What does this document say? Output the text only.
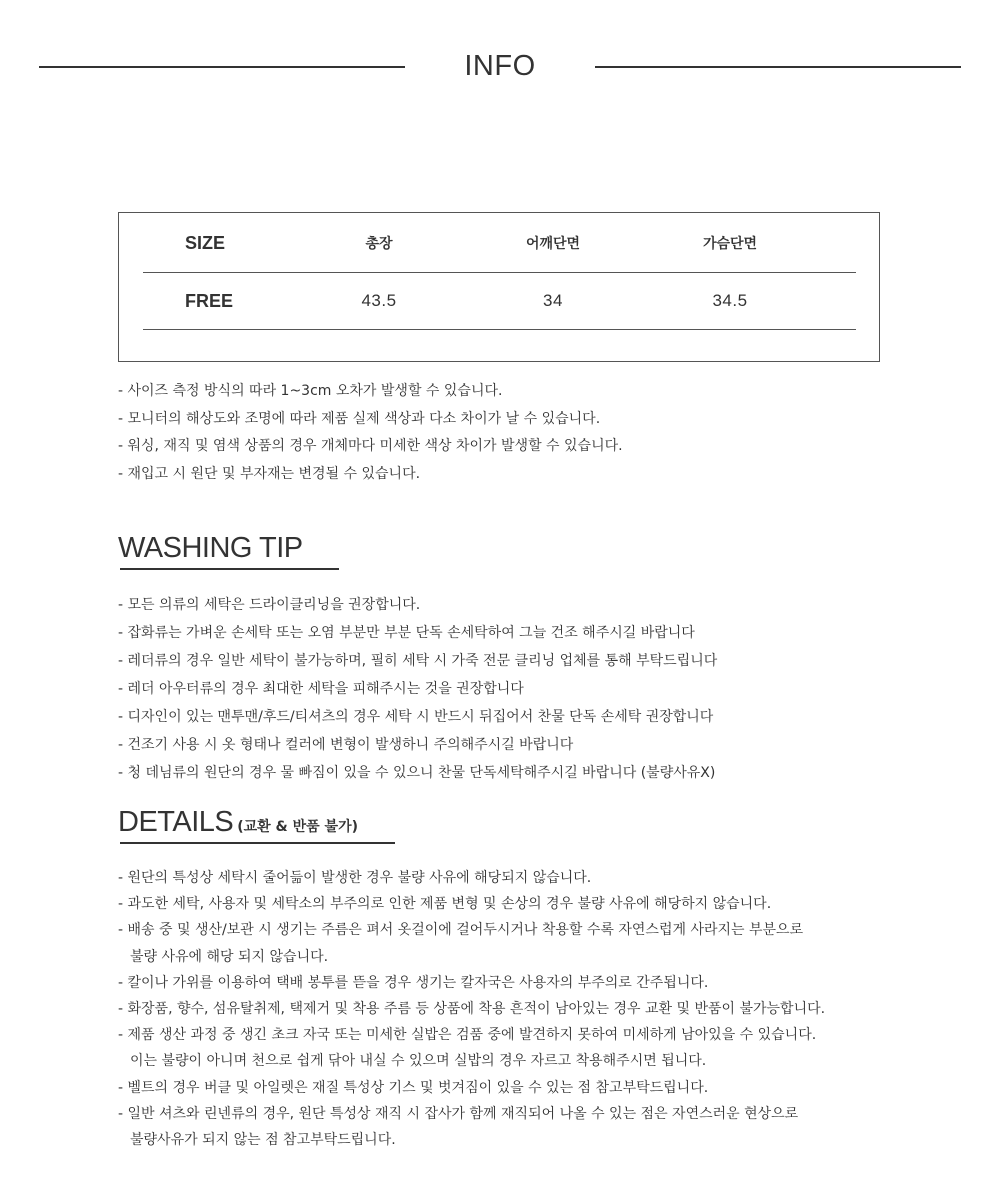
INFO
SIZE	총장	어깨단면	가슴단면
FREE	43.5	34	34.5
- 사이즈 측정 방식의 따라 1~3cm 오차가 발생할 수 있습니다.
- 모니터의 해상도와 조명에 따라 제품 실제 색상과 다소 차이가 날 수 있습니다.
- 워싱, 재직 및 염색 상품의 경우 개체마다 미세한 색상 차이가 발생할 수 있습니다.
- 재입고 시 원단 및 부자재는 변경될 수 있습니다.
WASHING TIP
- 모든 의류의 세탁은 드라이클리닝을 권장합니다.
- 잡화류는 가벼운 손세탁 또는 오염 부분만 부분 단독 손세탁하여 그늘 건조 해주시길 바랍니다
- 레더류의 경우 일반 세탁이 불가능하며, 필히 세탁 시 가죽 전문 클리닝 업체를 통해 부탁드립니다
- 레더 아우터류의 경우 최대한 세탁을 피해주시는 것을 권장합니다
- 디자인이 있는 맨투맨/후드/티셔츠의 경우 세탁 시 반드시 뒤집어서 찬물 단독 손세탁 권장합니다
- 건조기 사용 시 옷 형태나 컬러에 변형이 발생하니 주의해주시길 바랍니다
- 청 데님류의 원단의 경우 물 빠짐이 있을 수 있으니 찬물 단독세탁해주시길 바랍니다 (불량사유X)
DETAILS (교환 & 반품 불가)
- 원단의 특성상 세탁시 줄어듦이 발생한 경우 불량 사유에 해당되지 않습니다.
- 과도한 세탁, 사용자 및 세탁소의 부주의로 인한 제품 변형 및 손상의 경우 불량 사유에 해당하지 않습니다.
- 배송 중 및 생산/보관 시 생기는 주름은 펴서 옷걸이에 걸어두시거나 착용할 수록 자연스럽게 사라지는 부분으로
불량 사유에 해당 되지 않습니다.
- 칼이나 가위를 이용하여 택배 봉투를 뜯을 경우 생기는 칼자국은 사용자의 부주의로 간주됩니다.
- 화장품, 향수, 섬유탈취제, 택제거 및 착용 주름 등 상품에 착용 흔적이 남아있는 경우 교환 및 반품이 불가능합니다.
- 제품 생산 과정 중 생긴 초크 자국 또는 미세한 실밥은 검품 중에 발견하지 못하여 미세하게 남아있을 수 있습니다.
이는 불량이 아니며 천으로 쉽게 닦아 내실 수 있으며 실밥의 경우 자르고 착용해주시면 됩니다.
- 벨트의 경우 버클 및 아일렛은 재질 특성상 기스 및 벗겨짐이 있을 수 있는 점 참고부탁드립니다.
- 일반 셔츠와 린넨류의 경우, 원단 특성상 재직 시 잡사가 함께 재직되어 나올 수 있는 점은 자연스러운 현상으로
불량사유가 되지 않는 점 참고부탁드립니다.
